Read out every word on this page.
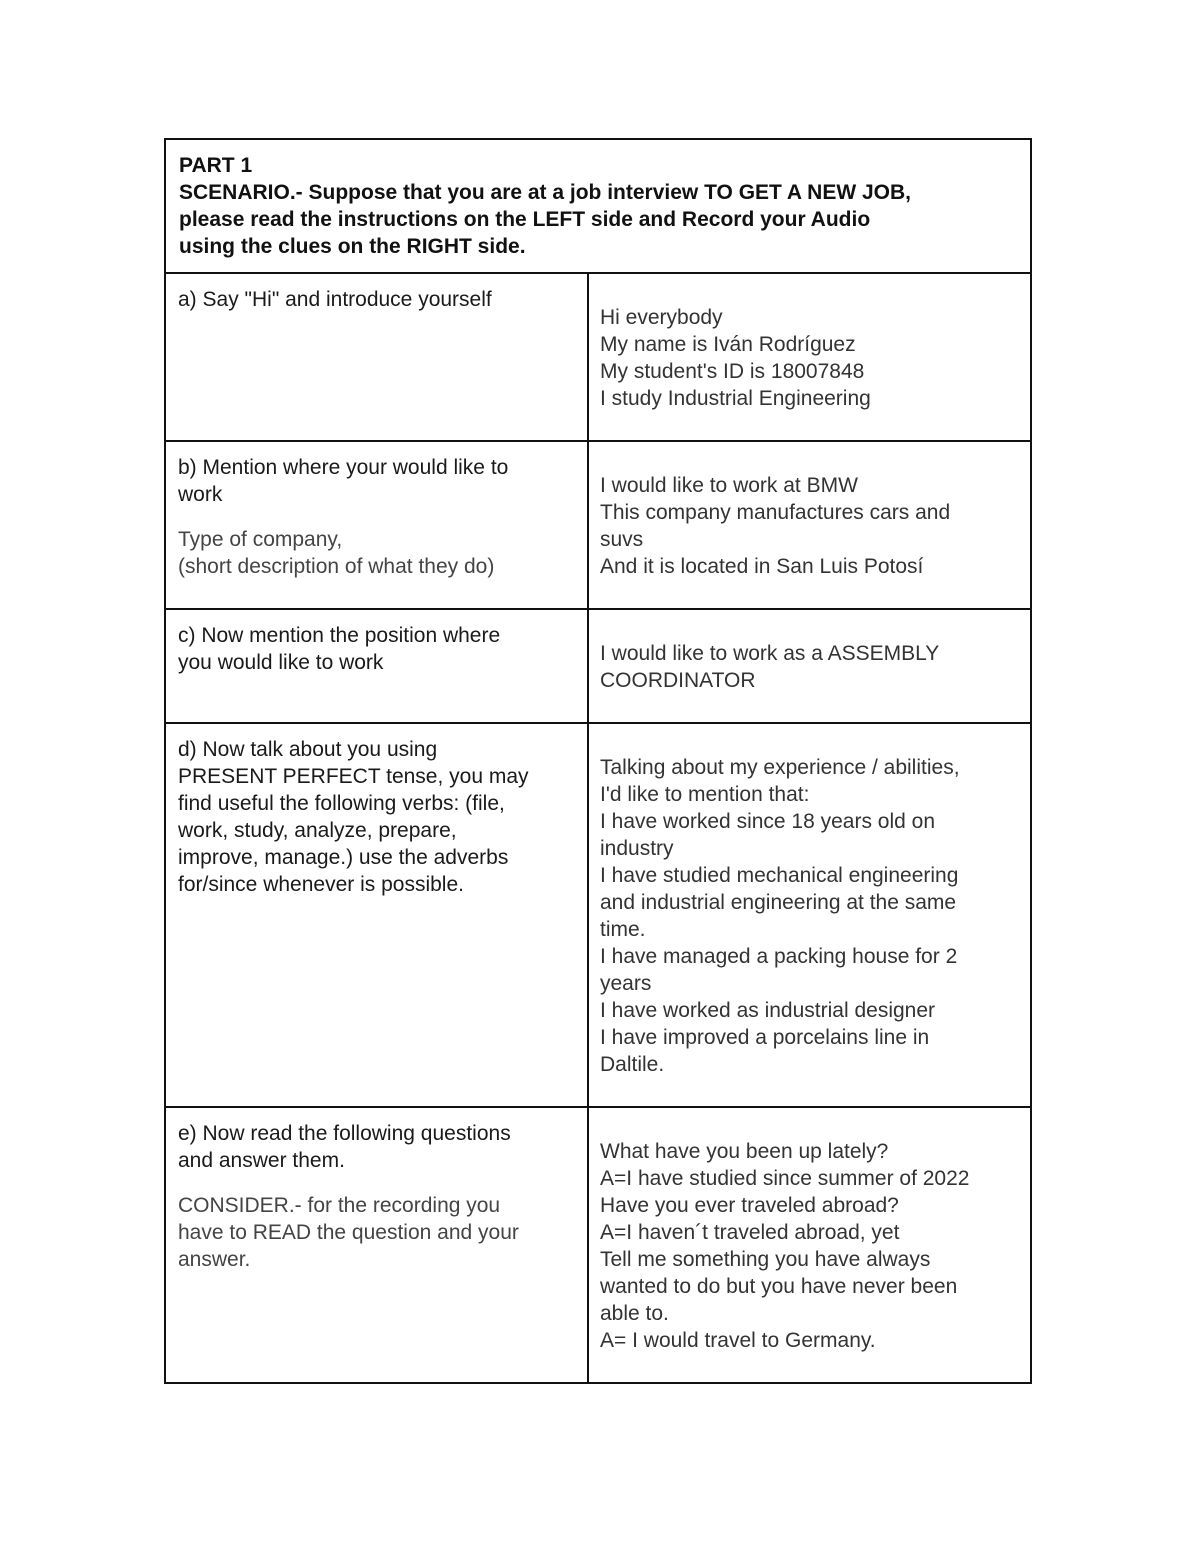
PART 1
SCENARIO.- Suppose that you are at a job interview TO GET A NEW JOB,
please read the instructions on the LEFT side and Record your Audio
using the clues on the RIGHT side.
a) Say "Hi" and introduce yourself
Hi everybody
My name is Iván Rodríguez
My student's ID is 18007848
I study Industrial Engineering
b) Mention where your would like to
work
Type of company,
(short description of what they do)
I would like to work at BMW
This company manufactures cars and
suvs
And it is located in San Luis Potosí
c) Now mention the position where
you would like to work	I would like to work as a ASSEMBLY
COORDINATOR
d) Now talk about you using
PRESENT PERFECT tense, you may
find useful the following verbs: (file,
work, study, analyze, prepare,
improve, manage.) use the adverbs
for/since whenever is possible.
Talking about my experience / abilities,
I'd like to mention that:
I have worked since 18 years old on
industry
I have studied mechanical engineering
and industrial engineering at the same
time.
I have managed a packing house for 2
years
I have worked as industrial designer
I have improved a porcelains line in
Daltile.
e) Now read the following questions
and answer them.
CONSIDER.- for the recording you
have to READ the question and your
answer.
What have you been up lately?
A=I have studied since summer of 2022
Have you ever traveled abroad?
A=I haven´t traveled abroad, yet
Tell me something you have always
wanted to do but you have never been
able to.
A= I would travel to Germany.
